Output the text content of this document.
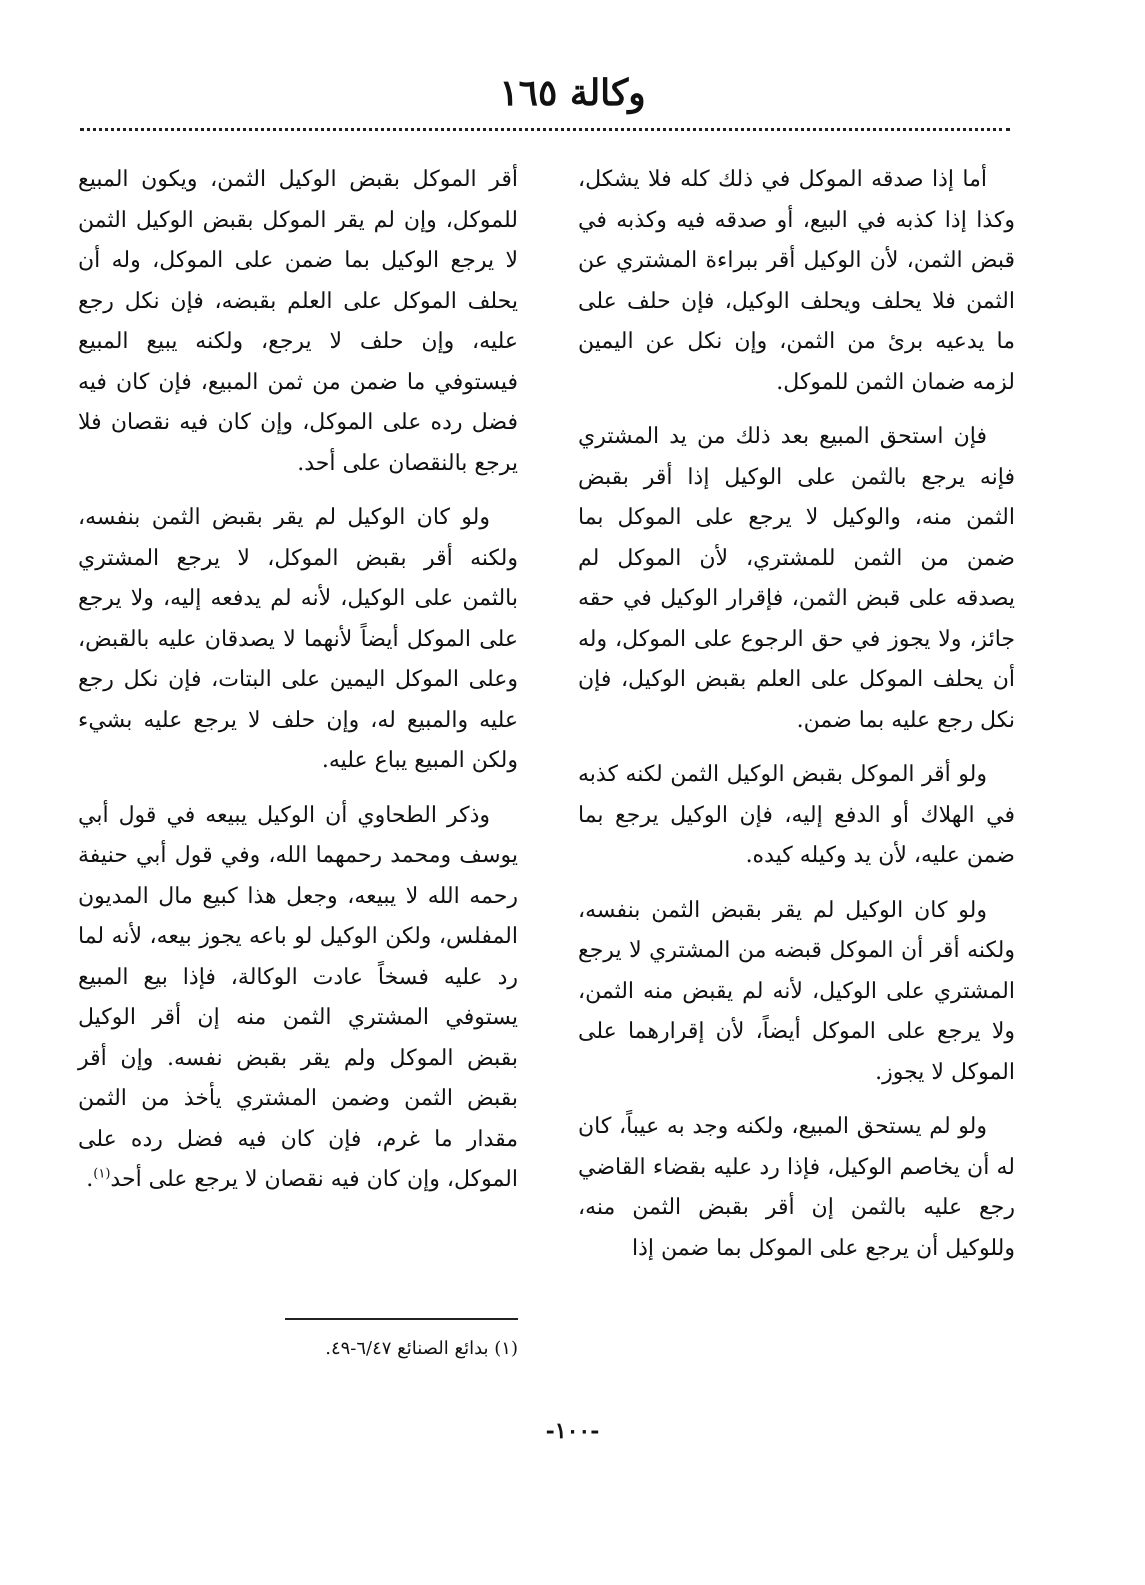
وكالة ١٦٥

أما إذا صدقه الموكل في ذلك كله فلا يشكل، وكذا إذا كذبه في البيع، أو صدقه فيه وكذبه في قبض الثمن، لأن الوكيل أقر ببراءة المشتري عن الثمن فلا يحلف ويحلف الوكيل، فإن حلف على ما يدعيه برئ من الثمن، وإن نكل عن اليمين لزمه ضمان الثمن للموكل.

فإن استحق المبيع بعد ذلك من يد المشتري فإنه يرجع بالثمن على الوكيل إذا أقر بقبض الثمن منه، والوكيل لا يرجع على الموكل بما ضمن من الثمن للمشتري، لأن الموكل لم يصدقه على قبض الثمن، فإقرار الوكيل في حقه جائز، ولا يجوز في حق الرجوع على الموكل، وله أن يحلف الموكل على العلم بقبض الوكيل، فإن نكل رجع عليه بما ضمن.

ولو أقر الموكل بقبض الوكيل الثمن لكنه كذبه في الهلاك أو الدفع إليه، فإن الوكيل يرجع بما ضمن عليه، لأن يد وكيله كيده.

ولو كان الوكيل لم يقر بقبض الثمن بنفسه، ولكنه أقر أن الموكل قبضه من المشتري لا يرجع المشتري على الوكيل، لأنه لم يقبض منه الثمن، ولا يرجع على الموكل أيضاً، لأن إقرارهما على الموكل لا يجوز.

ولو لم يستحق المبيع، ولكنه وجد به عيباً، كان له أن يخاصم الوكيل، فإذا رد عليه بقضاء القاضي رجع عليه بالثمن إن أقر بقبض الثمن منه، وللوكيل أن يرجع على الموكل بما ضمن إذا

أقر الموكل بقبض الوكيل الثمن، ويكون المبيع للموكل، وإن لم يقر الموكل بقبض الوكيل الثمن لا يرجع الوكيل بما ضمن على الموكل، وله أن يحلف الموكل على العلم بقبضه، فإن نكل رجع عليه، وإن حلف لا يرجع، ولكنه يبيع المبيع فيستوفي ما ضمن من ثمن المبيع، فإن كان فيه فضل رده على الموكل، وإن كان فيه نقصان فلا يرجع بالنقصان على أحد.

ولو كان الوكيل لم يقر بقبض الثمن بنفسه، ولكنه أقر بقبض الموكل، لا يرجع المشتري بالثمن على الوكيل، لأنه لم يدفعه إليه، ولا يرجع على الموكل أيضاً لأنهما لا يصدقان عليه بالقبض، وعلى الموكل اليمين على البتات، فإن نكل رجع عليه والمبيع له، وإن حلف لا يرجع عليه بشيء ولكن المبيع يباع عليه.

وذكر الطحاوي أن الوكيل يبيعه في قول أبي يوسف ومحمد رحمهما الله، وفي قول أبي حنيفة رحمه الله لا يبيعه، وجعل هذا كبيع مال المديون المفلس، ولكن الوكيل لو باعه يجوز بيعه، لأنه لما رد عليه فسخاً عادت الوكالة، فإذا بيع المبيع يستوفي المشتري الثمن منه إن أقر الوكيل بقبض الموكل ولم يقر بقبض نفسه. وإن أقر بقبض الثمن وضمن المشتري يأخذ من الثمن مقدار ما غرم، فإن كان فيه فضل رده على الموكل، وإن كان فيه نقصان لا يرجع على أحد$^{(١)}$.

(١) بدائع الصنائع ٦/٤٧-٤٩.

-١٠٠-
